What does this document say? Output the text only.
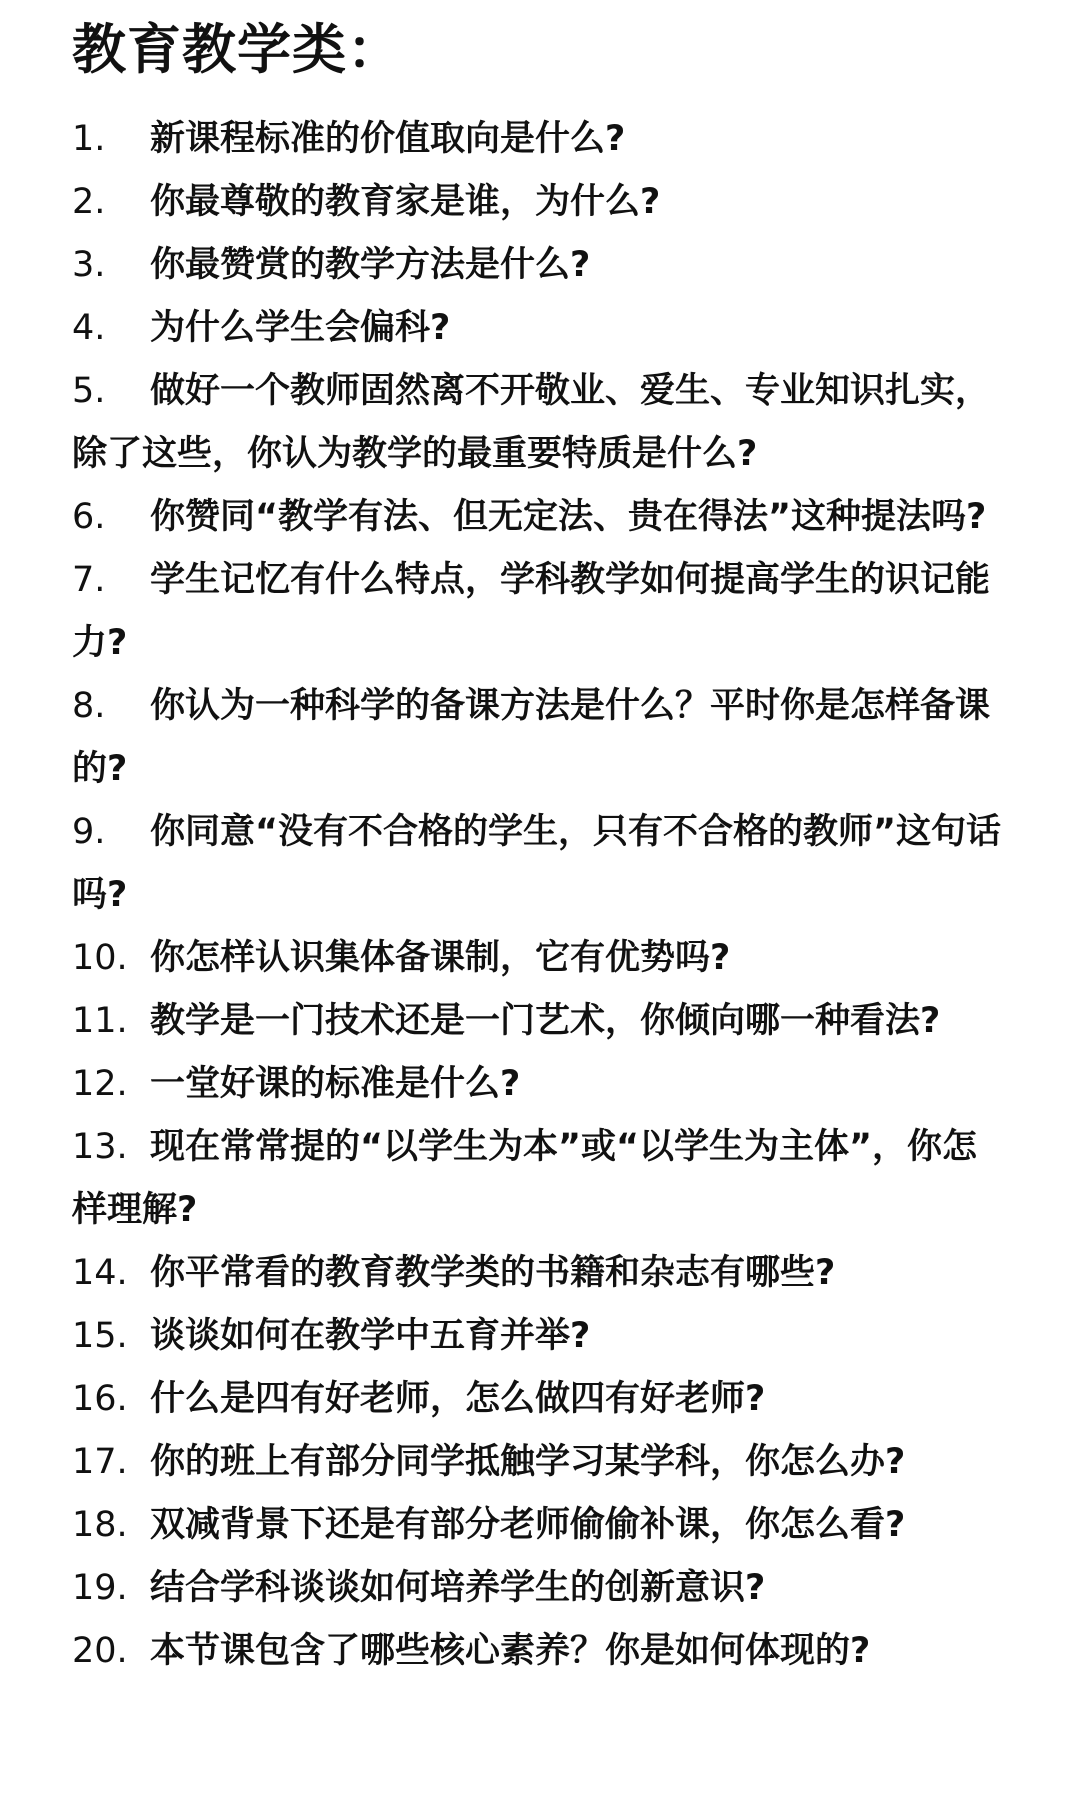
教育教学类：
1. 新课程标准的价值取向是什么?
2. 你最尊敬的教育家是谁，为什么?
3. 你最赞赏的教学方法是什么?
4. 为什么学生会偏科?
5. 做好一个教师固然离不开敬业、爱生、专业知识扎实，除了这些，你认为教学的最重要特质是什么?
6. 你赞同“教学有法、但无定法、贵在得法”这种提法吗?
7. 学生记忆有什么特点，学科教学如何提高学生的识记能力?
8. 你认为一种科学的备课方法是什么？平时你是怎样备课的?
9. 你同意“没有不合格的学生，只有不合格的教师”这句话吗?
10. 你怎样认识集体备课制，它有优势吗?
11. 教学是一门技术还是一门艺术，你倾向哪一种看法?
12. 一堂好课的标准是什么?
13. 现在常常提的“以学生为本”或“以学生为主体”，你怎样理解?
14. 你平常看的教育教学类的书籍和杂志有哪些?
15. 谈谈如何在教学中五育并举?
16. 什么是四有好老师，怎么做四有好老师?
17. 你的班上有部分同学抵触学习某学科，你怎么办?
18. 双减背景下还是有部分老师偷偷补课，你怎么看?
19. 结合学科谈谈如何培养学生的创新意识?
20. 本节课包含了哪些核心素养？你是如何体现的?
